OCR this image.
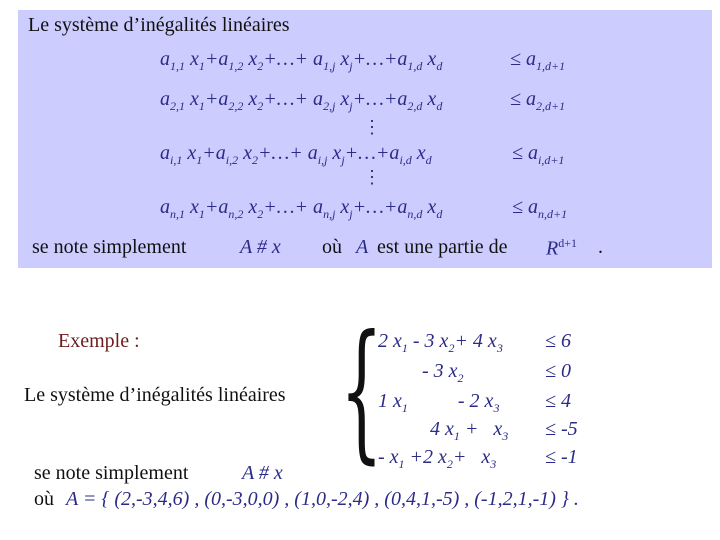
Le système d’inégalités linéaires
$a_{1,1}$ $x_1+a_{1,2}$ $x_2+\dots+ a_{1,j}$ $x_j+\dots+a_{1,d}$ $x_d$	≤ $a_{1,d+1}$
$a_{2,1}$ $x_1+a_{2,2}$ $x_2+\dots+ a_{2,j}$ $x_j+\dots+a_{2,d}$ $x_d$	≤ $a_{2,d+1}$
⋮
$a_{i,1}$ $x_1+a_{i,2}$ $x_2+\dots+ a_{i,j}$ $x_j+\dots+a_{i,d}$ $x_d$	≤ $a_{i,d+1}$
⋮
$a_{n,1}$ $x_1+a_{n,2}$ $x_2+\dots+ a_{n,j}$ $x_j+\dots+a_{n,d}$ $x_d$	≤ $a_{n,d+1}$
se note simplement	A # x où A est une partie de $R^{d+1}$ .
Exemple :
Le système d’inégalités linéaires {
2 $x_1 - 3$ $x_2+ 4$ $x_3 \le 6$
- 3 $x_2$	≤ 0
1 $x_1$          - 2 $x_3 \le 4$
4 $x_1 + x_3 \le -5$
- $x_1 +2$ $x_2+ x_3 \le -1$
se note simplement	A # x
où A = { (2,-3,4,6) , (0,-3,0,0) , (1,0,-2,4) , (0,4,1,-5) , (-1,2,1,-1) } .
